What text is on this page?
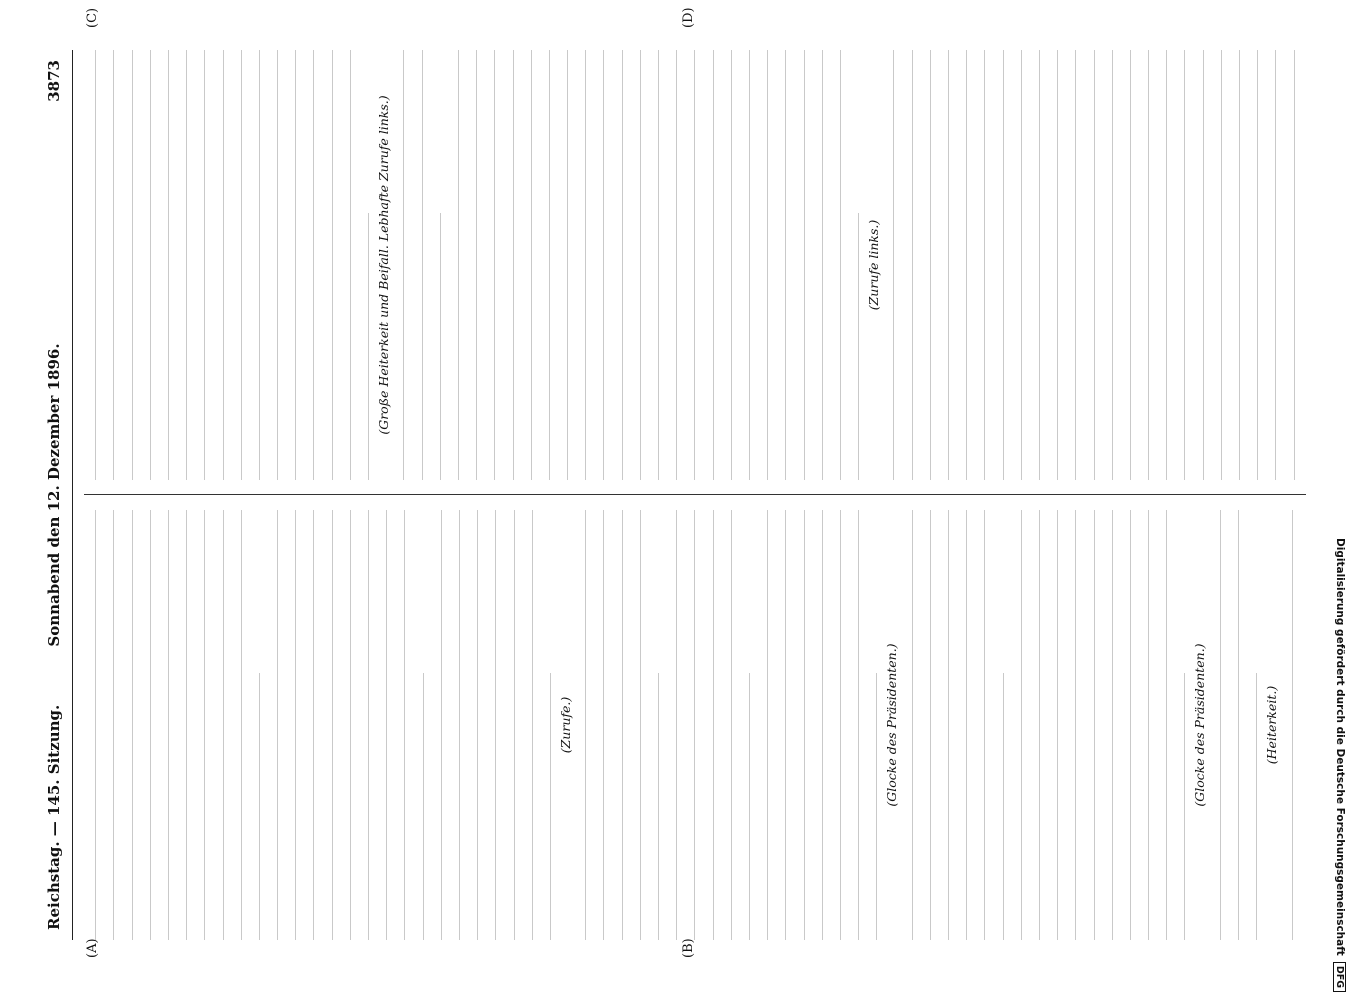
Digitalisierung gefördert durch die Deutsche ForschungsgemeinschaftDFG
Reichstag. — 145. Sitzung.
Sonnabend den 12. Dezember 1896.
3873
(A)	(B)
(C)	(D)
(Zurufe.)	(Glocke des Präsidenten.)	(Glocke des Präsidenten.)	(Heiterkeit.)
(Große Heiterkeit und Beifall. Lebhafte Zurufe links.)	(Zurufe links.)
